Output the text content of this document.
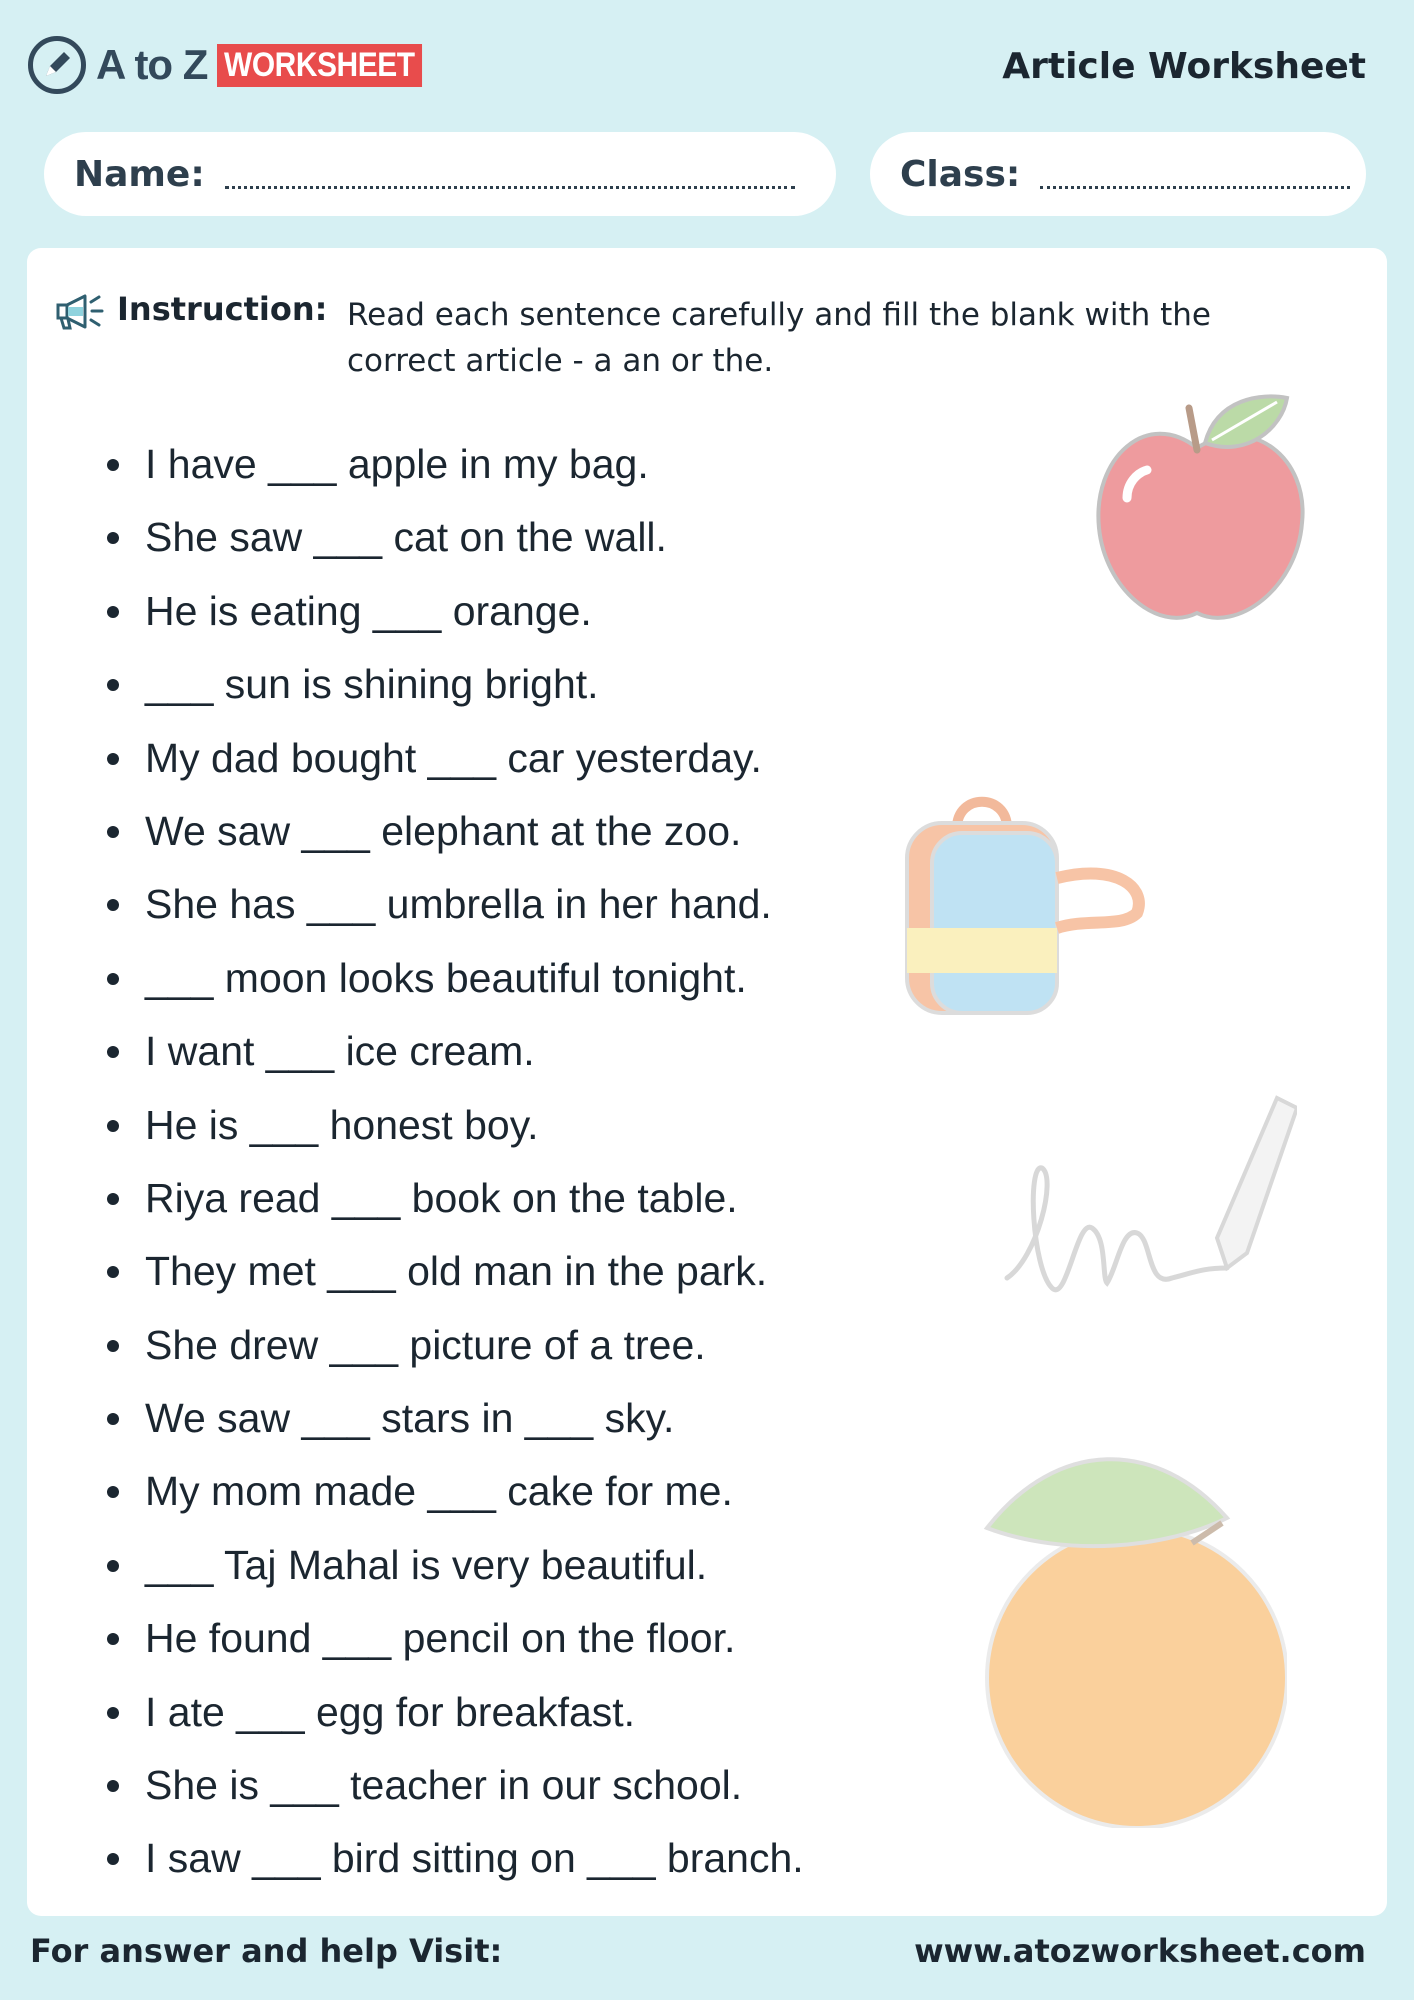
A to Z WORKSHEET	Article Worksheet
Name:	Class:
Instruction: Read each sentence carefully and fill the blank with the correct article - a an or the.
I have ___ apple in my bag.
She saw ___ cat on the wall.
He is eating ___ orange.
___ sun is shining bright.
My dad bought ___ car yesterday.
We saw ___ elephant at the zoo.
She has ___ umbrella in her hand.
___ moon looks beautiful tonight.
I want ___ ice cream.
He is ___ honest boy.
Riya read ___ book on the table.
They met ___ old man in the park.
She drew ___ picture of a tree.
We saw ___ stars in ___ sky.
My mom made ___ cake for me.
___ Taj Mahal is very beautiful.
He found ___ pencil on the floor.
I ate ___ egg for breakfast.
She is ___ teacher in our school.
I saw ___ bird sitting on ___ branch.
For answer and help Visit:	www.atozworksheet.com
